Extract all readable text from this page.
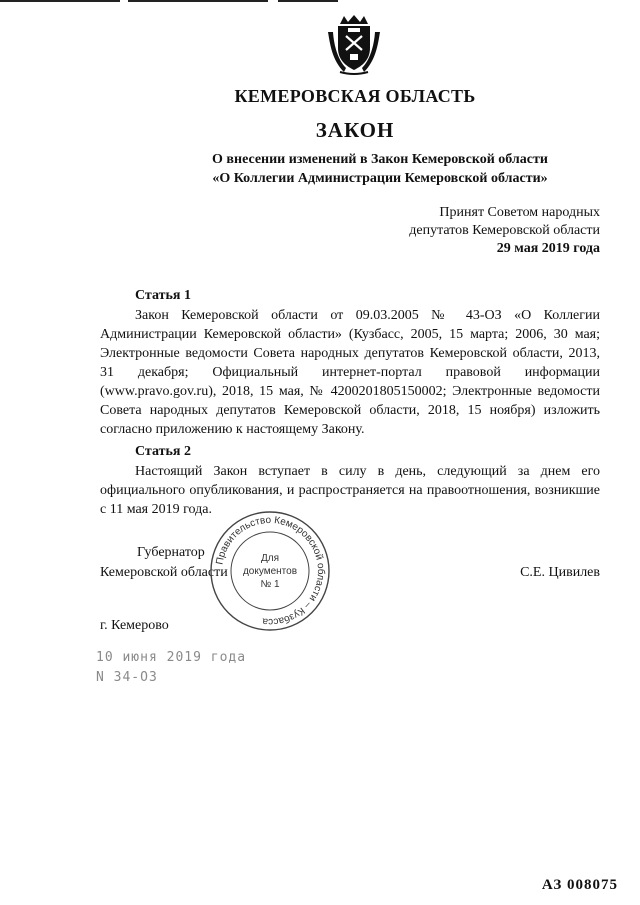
КЕМЕРОВСКАЯ ОБЛАСТЬ
ЗАКОН
О внесении изменений в Закон Кемеровской области
«О Коллегии Администрации Кемеровской области»
Принят Советом народных
депутатов Кемеровской области
29 мая 2019 года
Статья 1

Закон Кемеровской области от 09.03.2005 № 43-ОЗ «О Коллегии Администрации Кемеровской области» (Кузбасс, 2005, 15 марта; 2006, 30 мая; Электронные ведомости Совета народных депутатов Кемеровской области, 2013, 31 декабря; Официальный интернет-портал правовой информации (www.pravo.gov.ru), 2018, 15 мая, № 4200201805150002; Электронные ведомости Совета народных депутатов Кемеровской области, 2018, 15 ноября) изложить согласно приложению к настоящему Закону.

Статья 2

Настоящий Закон вступает в силу в день, следующий за днем его официального опубликования, и распространяется на правоотношения, возникшие с 11 мая 2019 года.

Губернатор
Кемеровской области	С.Е. Цивилев
Правительство Кемеровской области – Кузбасса
Для
документов
№ 1
г. Кемерово
10 июня 2019 года
N 34-ОЗ
АЗ 008075
